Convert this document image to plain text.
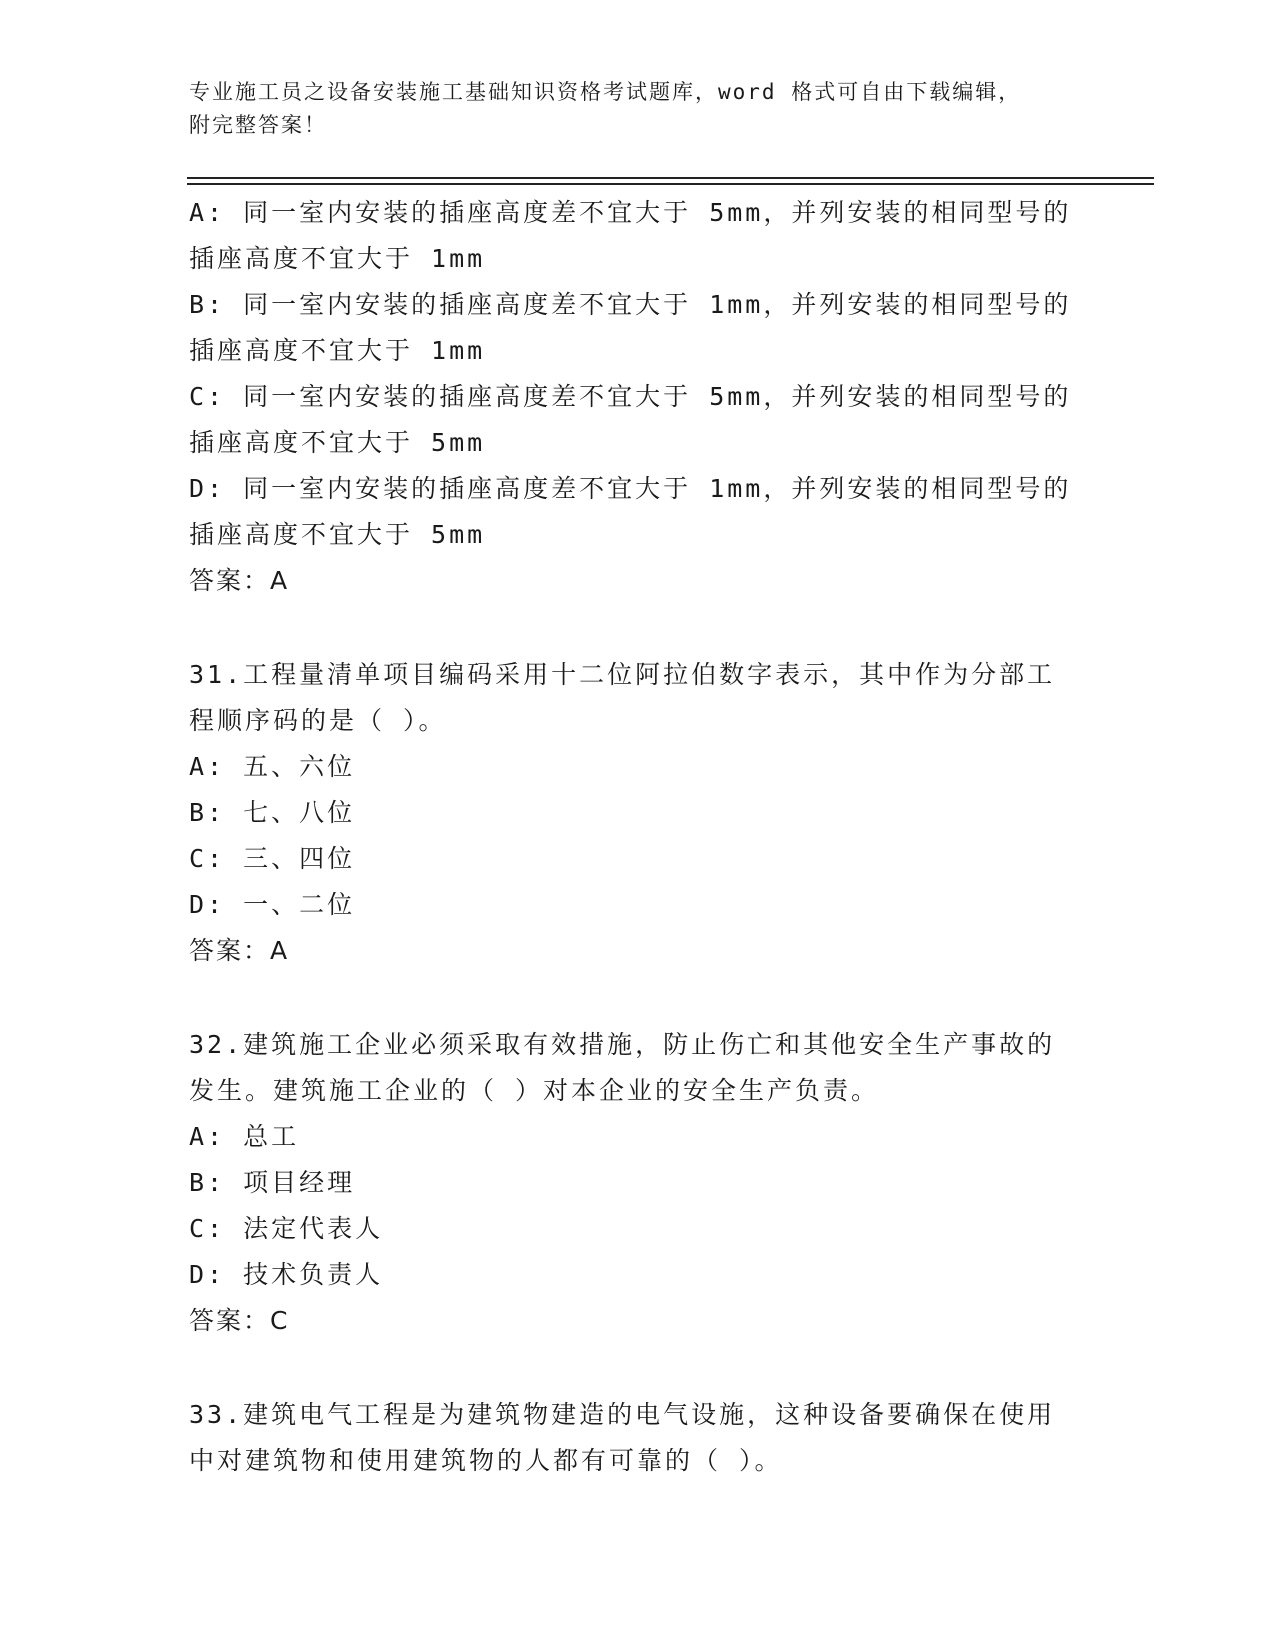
专业施工员之设备安装施工基础知识资格考试题库，word 格式可自由下载编辑，
附完整答案！
A: 同一室内安装的插座高度差不宜大于 5mm，并列安装的相同型号的
插座高度不宜大于 1mm
B: 同一室内安装的插座高度差不宜大于 1mm，并列安装的相同型号的
插座高度不宜大于 1mm
C: 同一室内安装的插座高度差不宜大于 5mm，并列安装的相同型号的
插座高度不宜大于 5mm
D: 同一室内安装的插座高度差不宜大于 1mm，并列安装的相同型号的
插座高度不宜大于 5mm
答案：A
31.工程量清单项目编码采用十二位阿拉伯数字表示，其中作为分部工
程顺序码的是（ ）。
A: 五、六位
B: 七、八位
C: 三、四位
D: 一、二位
答案：A
32.建筑施工企业必须采取有效措施，防止伤亡和其他安全生产事故的
发生。建筑施工企业的（ ）对本企业的安全生产负责。
A: 总工
B: 项目经理
C: 法定代表人
D: 技术负责人
答案：C
33.建筑电气工程是为建筑物建造的电气设施，这种设备要确保在使用
中对建筑物和使用建筑物的人都有可靠的（ ）。
